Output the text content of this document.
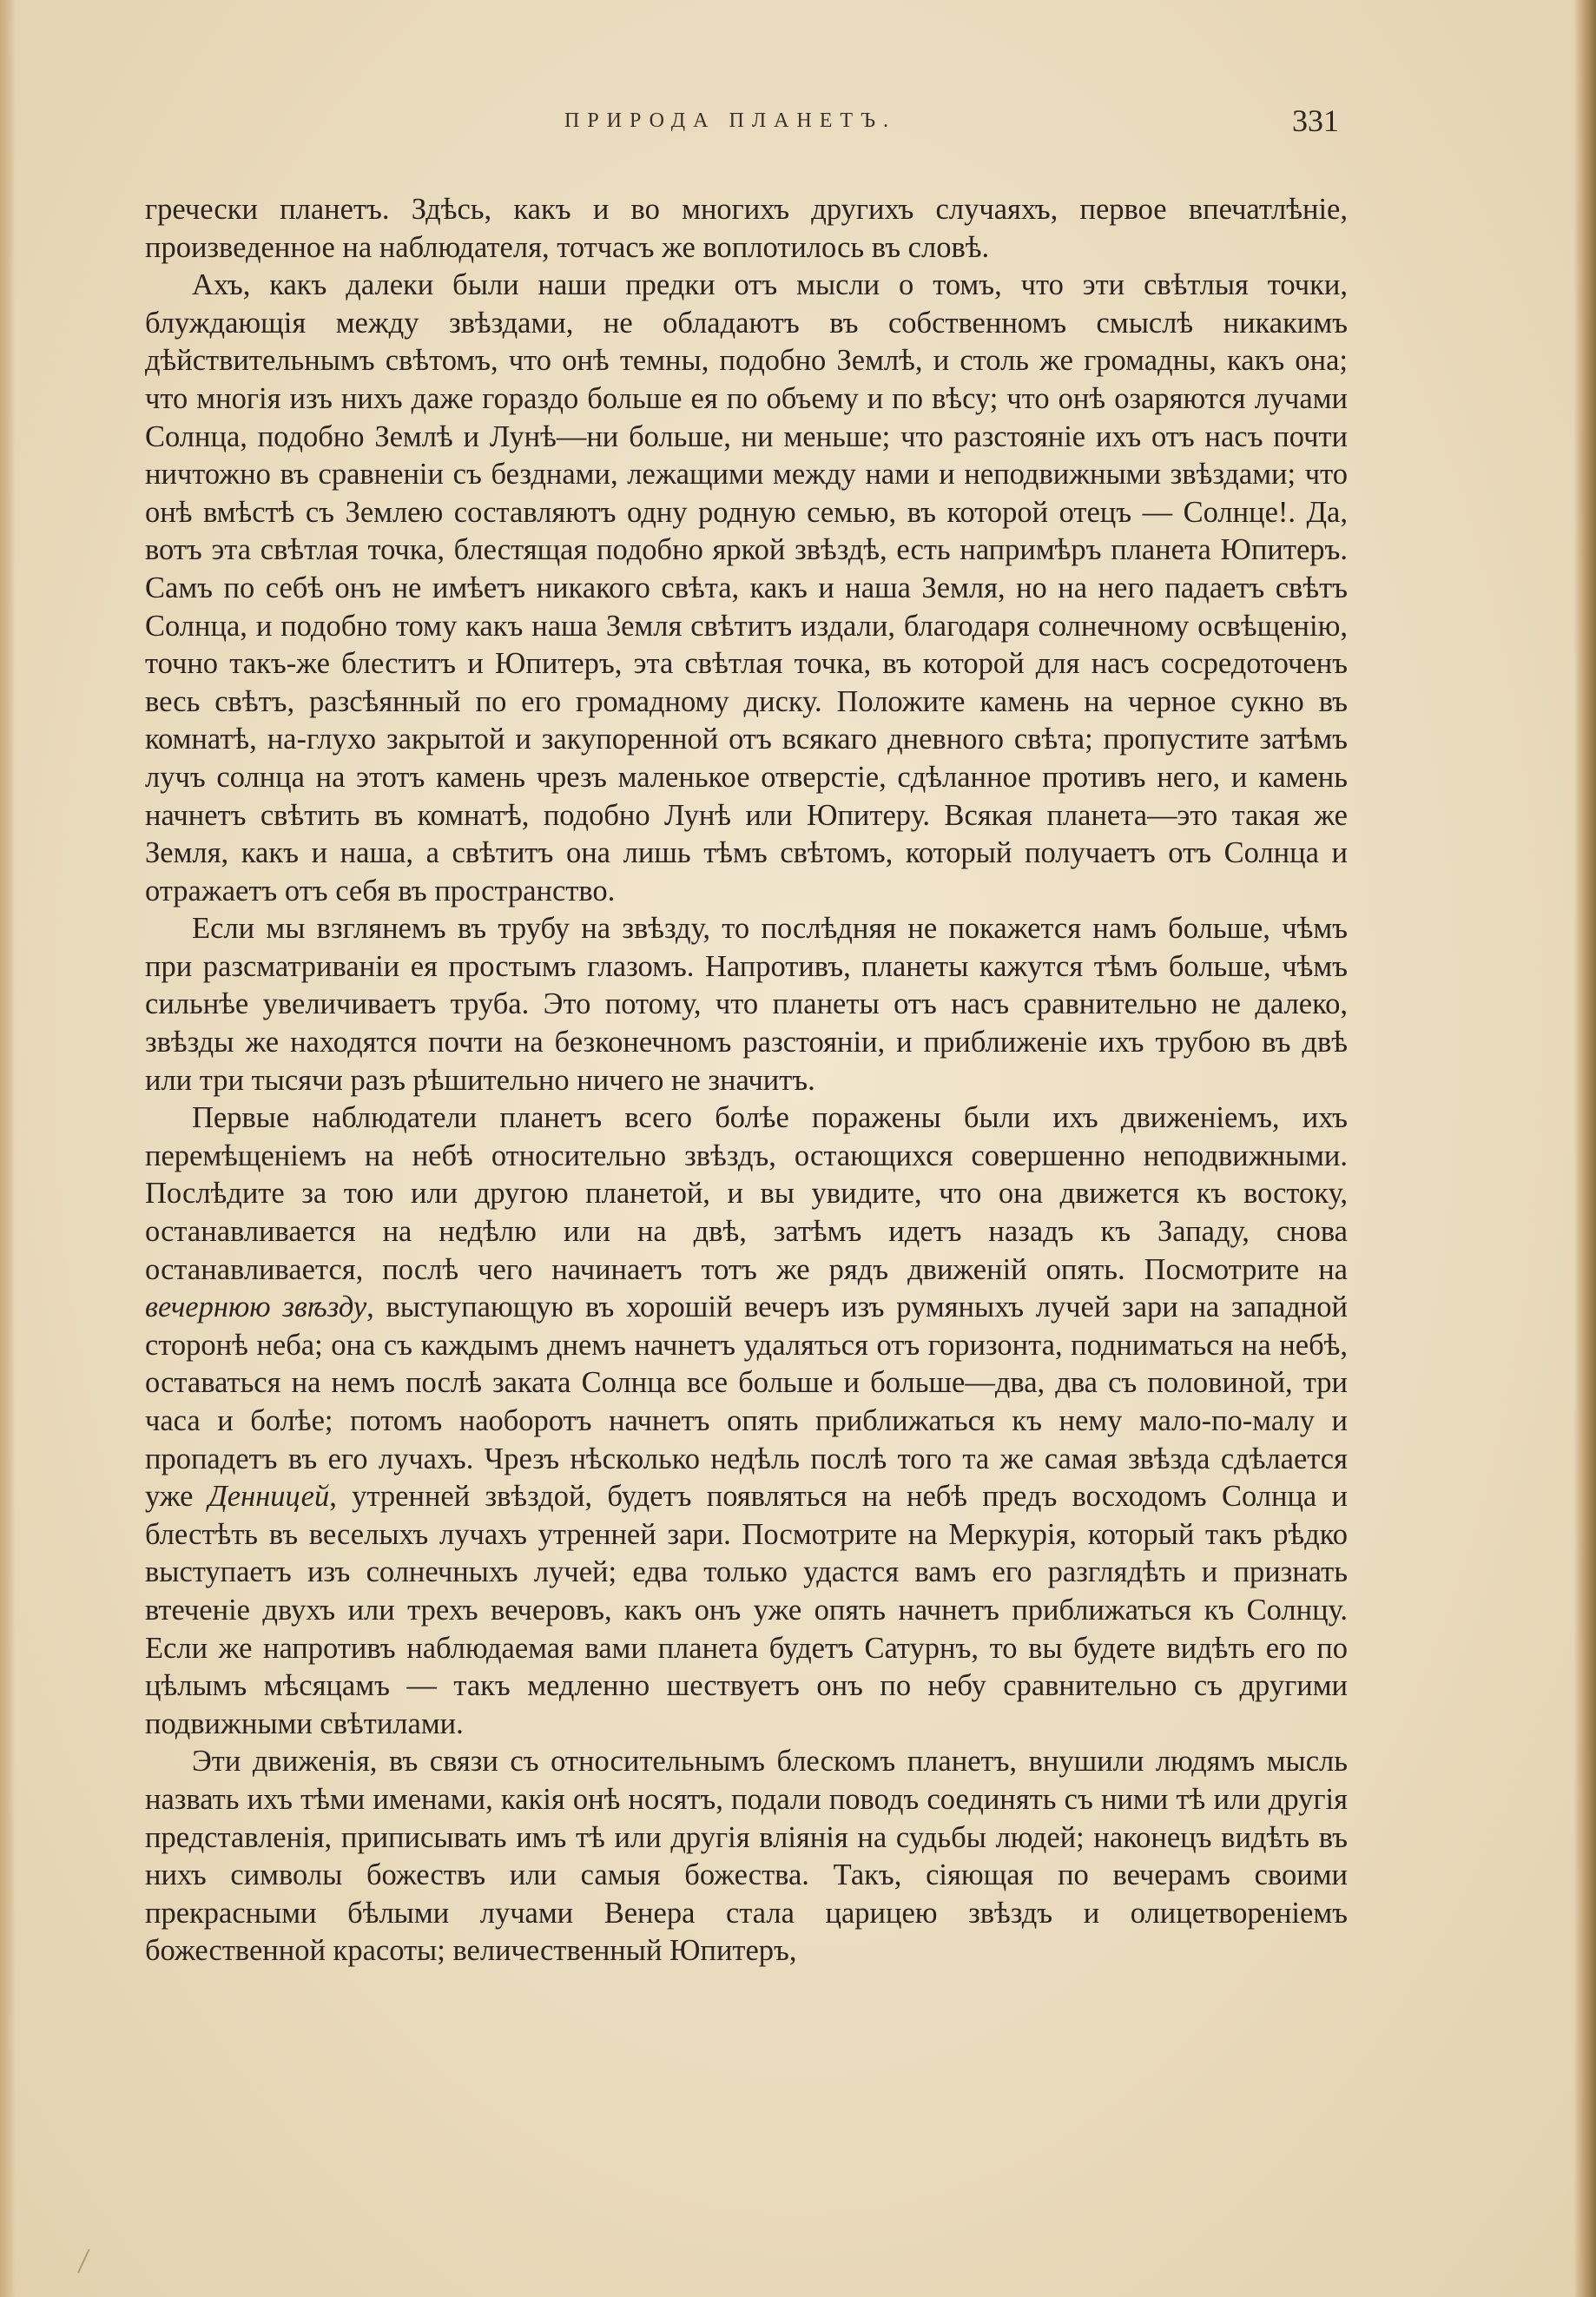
ПРИРОДА ПЛАНЕТЪ.	331

гречески планетъ. Здѣсь, какъ и во многихъ другихъ случаяхъ, первое впечатлѣніе, произведенное на наблюдателя, тотчасъ же воплотилось въ словѣ.

Ахъ, какъ далеки были наши предки отъ мысли о томъ, что эти свѣтлыя точки, блуждающія между звѣздами, не обладаютъ въ собственномъ смыслѣ никакимъ дѣйствительнымъ свѣтомъ, что онѣ темны, подобно Землѣ, и столь же громадны, какъ она; что многія изъ нихъ даже гораздо больше ея по объему и по вѣсу; что онѣ озаряются лучами Солнца, подобно Землѣ и Лунѣ—ни больше, ни меньше; что разстояніе ихъ отъ насъ почти ничтожно въ сравненіи съ безднами, лежащими между нами и неподвижными звѣздами; что онѣ вмѣстѣ съ Землею составляютъ одну родную семью, въ которой отецъ — Солнце!. Да, вотъ эта свѣтлая точка, блестящая подобно яркой звѣздѣ, есть напримѣръ планета Юпитеръ. Самъ по себѣ онъ не имѣетъ никакого свѣта, какъ и наша Земля, но на него падаетъ свѣтъ Солнца, и подобно тому какъ наша Земля свѣтитъ издали, благодаря солнечному освѣщенію, точно такъ-же блеститъ и Юпитеръ, эта свѣтлая точка, въ которой для насъ сосредоточенъ весь свѣтъ, разсѣянный по его громадному диску. Положите камень на черное сукно въ комнатѣ, на-глухо закрытой и закупоренной отъ всякаго дневного свѣта; пропустите затѣмъ лучъ солнца на этотъ камень чрезъ маленькое отверстіе, сдѣланное противъ него, и камень начнетъ свѣтить въ комнатѣ, подобно Лунѣ или Юпитеру. Всякая планета—это такая же Земля, какъ и наша, а свѣтитъ она лишь тѣмъ свѣтомъ, который получаетъ отъ Солнца и отражаетъ отъ себя въ пространство.

Если мы взглянемъ въ трубу на звѣзду, то послѣдняя не покажется намъ больше, чѣмъ при разсматриваніи ея простымъ глазомъ. Напротивъ, планеты кажутся тѣмъ больше, чѣмъ сильнѣе увеличиваетъ труба. Это потому, что планеты отъ насъ сравнительно не далеко, звѣзды же находятся почти на безконечномъ разстояніи, и приближеніе ихъ трубою въ двѣ или три тысячи разъ рѣшительно ничего не значитъ.

Первые наблюдатели планетъ всего болѣе поражены были ихъ движеніемъ, ихъ перемѣщеніемъ на небѣ относительно звѣздъ, остающихся совершенно неподвижными. Послѣдите за тою или другою планетой, и вы увидите, что она движется къ востоку, останавливается на недѣлю или на двѣ, затѣмъ идетъ назадъ къ Западу, снова останавливается, послѣ чего начинаетъ тотъ же рядъ движеній опять. Посмотрите на вечернюю звѣзду, выступающую въ хорошій вечеръ изъ румяныхъ лучей зари на западной сторонѣ неба; она съ каждымъ днемъ начнетъ удаляться отъ горизонта, подниматься на небѣ, оставаться на немъ послѣ заката Солнца все больше и больше—два, два съ половиной, три часа и болѣе; потомъ наоборотъ начнетъ опять приближаться къ нему мало-по-малу и пропадетъ въ его лучахъ. Чрезъ нѣсколько недѣль послѣ того та же самая звѣзда сдѣлается уже Денницей, утренней звѣздой, будетъ появляться на небѣ предъ восходомъ Солнца и блестѣть въ веселыхъ лучахъ утренней зари. Посмотрите на Меркурія, который такъ рѣдко выступаетъ изъ солнечныхъ лучей; едва только удастся вамъ его разглядѣть и признать втеченіе двухъ или трехъ вечеровъ, какъ онъ уже опять начнетъ приближаться къ Солнцу. Если же напротивъ наблюдаемая вами планета будетъ Сатурнъ, то вы будете видѣть его по цѣлымъ мѣсяцамъ — такъ медленно шествуетъ онъ по небу сравнительно съ другими подвижными свѣтилами.

Эти движенія, въ связи съ относительнымъ блескомъ планетъ, внушили людямъ мысль назвать ихъ тѣми именами, какія онѣ носятъ, подали поводъ соединять съ ними тѣ или другія представленія, приписывать имъ тѣ или другія вліянія на судьбы людей; наконецъ видѣть въ нихъ символы божествъ или самыя божества. Такъ, сіяющая по вечерамъ своими прекрасными бѣлыми лучами Венера стала царицею звѣздъ и олицетвореніемъ божественной красоты; величественный Юпитеръ,
